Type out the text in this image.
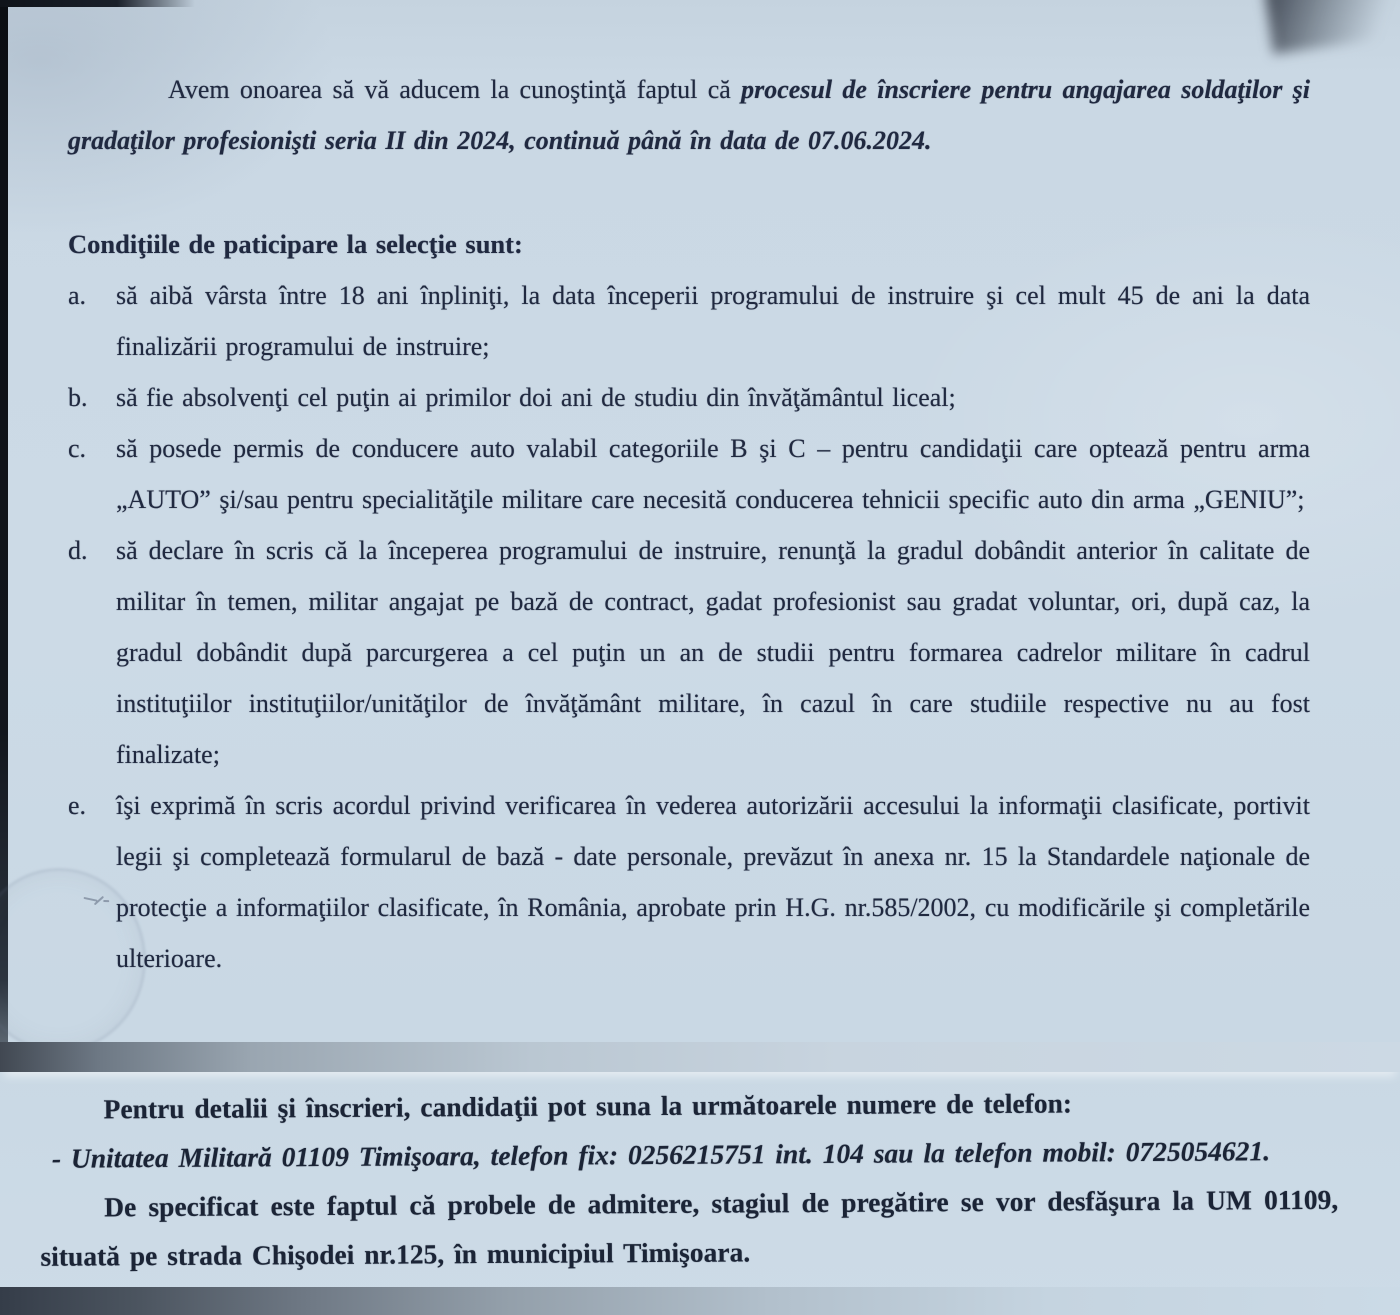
Avem onoarea să vă aducem la cunoştinţă faptul că procesul de înscriere pentru angajarea soldaţilor şi gradaţilor profesionişti seria II din 2024, continuă până în data de 07.06.2024.

Condiţiile de paticipare la selecţie sunt:
a.	să aibă vârsta între 18 ani înpliniţi, la data începerii programului de instruire şi cel mult 45 de ani la data finalizării programului de instruire;
b.	să fie absolvenţi cel puţin ai primilor doi ani de studiu din învăţământul liceal;
c.	să posede permis de conducere auto valabil categoriile B şi C – pentru candidaţii care optează pentru arma „AUTO” şi/sau pentru specialităţile militare care necesită conducerea tehnicii specific auto din arma „GENIU”;
d.	să declare în scris că la începerea programului de instruire, renunţă la gradul dobândit anterior în calitate de militar în temen, militar angajat pe bază de contract, gadat profesionist sau gradat voluntar, ori, după caz, la gradul dobândit după parcurgerea a cel puţin un an de studii pentru formarea cadrelor militare în cadrul instituţiilor instituţiilor/unităţilor de învăţământ militare, în cazul în care studiile respective nu au fost finalizate;
e.	îşi exprimă în scris acordul privind verificarea în vederea autorizării accesului la informaţii clasificate, portivit legii şi completează formularul de bază - date personale, prevăzut în anexa nr. 15 la Standardele naţionale de protecţie a informaţiilor clasificate, în România, aprobate prin H.G. nr.585/2002, cu modificările şi completările ulterioare.

Pentru detalii şi înscrieri, candidaţii pot suna la următoarele numere de telefon:

- Unitatea Militară 01109 Timişoara, telefon fix: 0256215751 int. 104 sau la telefon mobil: 0725054621.

De specificat este faptul că probele de admitere, stagiul de pregătire se vor desfăşura la UM 01109, situată pe strada Chişodei nr.125, în municipiul Timişoara.
